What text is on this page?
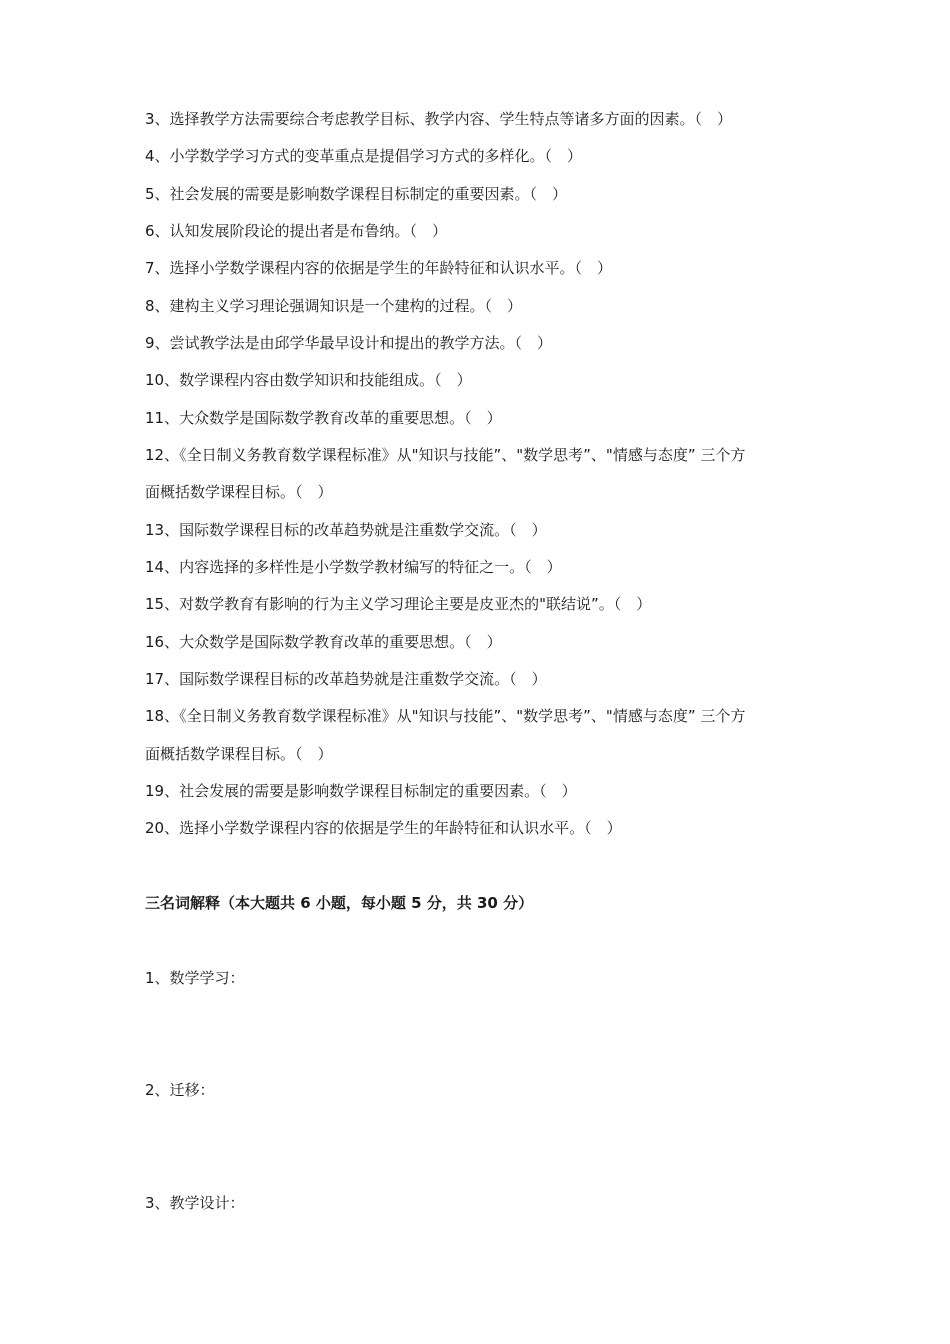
3、选择教学方法需要综合考虑教学目标、教学内容、学生特点等诸多方面的因素。（　）
4、小学数学学习方式的变革重点是提倡学习方式的多样化。（　）
5、社会发展的需要是影响数学课程目标制定的重要因素。（　）
6、认知发展阶段论的提出者是布鲁纳。（　）
7、选择小学数学课程内容的依据是学生的年龄特征和认识水平。（　）
8、建构主义学习理论强调知识是一个建构的过程。（　）
9、尝试教学法是由邱学华最早设计和提出的教学方法。（　）
10、数学课程内容由数学知识和技能组成。（　）
11、大众数学是国际数学教育改革的重要思想。（　）
12、《全日制义务教育数学课程标准》从"知识与技能”、"数学思考”、"情感与态度” 三个方
面概括数学课程目标。（　）
13、国际数学课程目标的改革趋势就是注重数学交流。（　）
14、内容选择的多样性是小学数学教材编写的特征之一。（　）
15、对数学教育有影响的行为主义学习理论主要是皮亚杰的"联结说”。（　）
16、大众数学是国际数学教育改革的重要思想。（　）
17、国际数学课程目标的改革趋势就是注重数学交流。（　）
18、《全日制义务教育数学课程标准》从"知识与技能”、"数学思考”、"情感与态度” 三个方
面概括数学课程目标。（　）
19、社会发展的需要是影响数学课程目标制定的重要因素。（　）
20、选择小学数学课程内容的依据是学生的年龄特征和认识水平。（　）
三名词解释（本大题共 6 小题，每小题 5 分，共 30 分）
1、数学学习：
2、迁移：
3、教学设计：
